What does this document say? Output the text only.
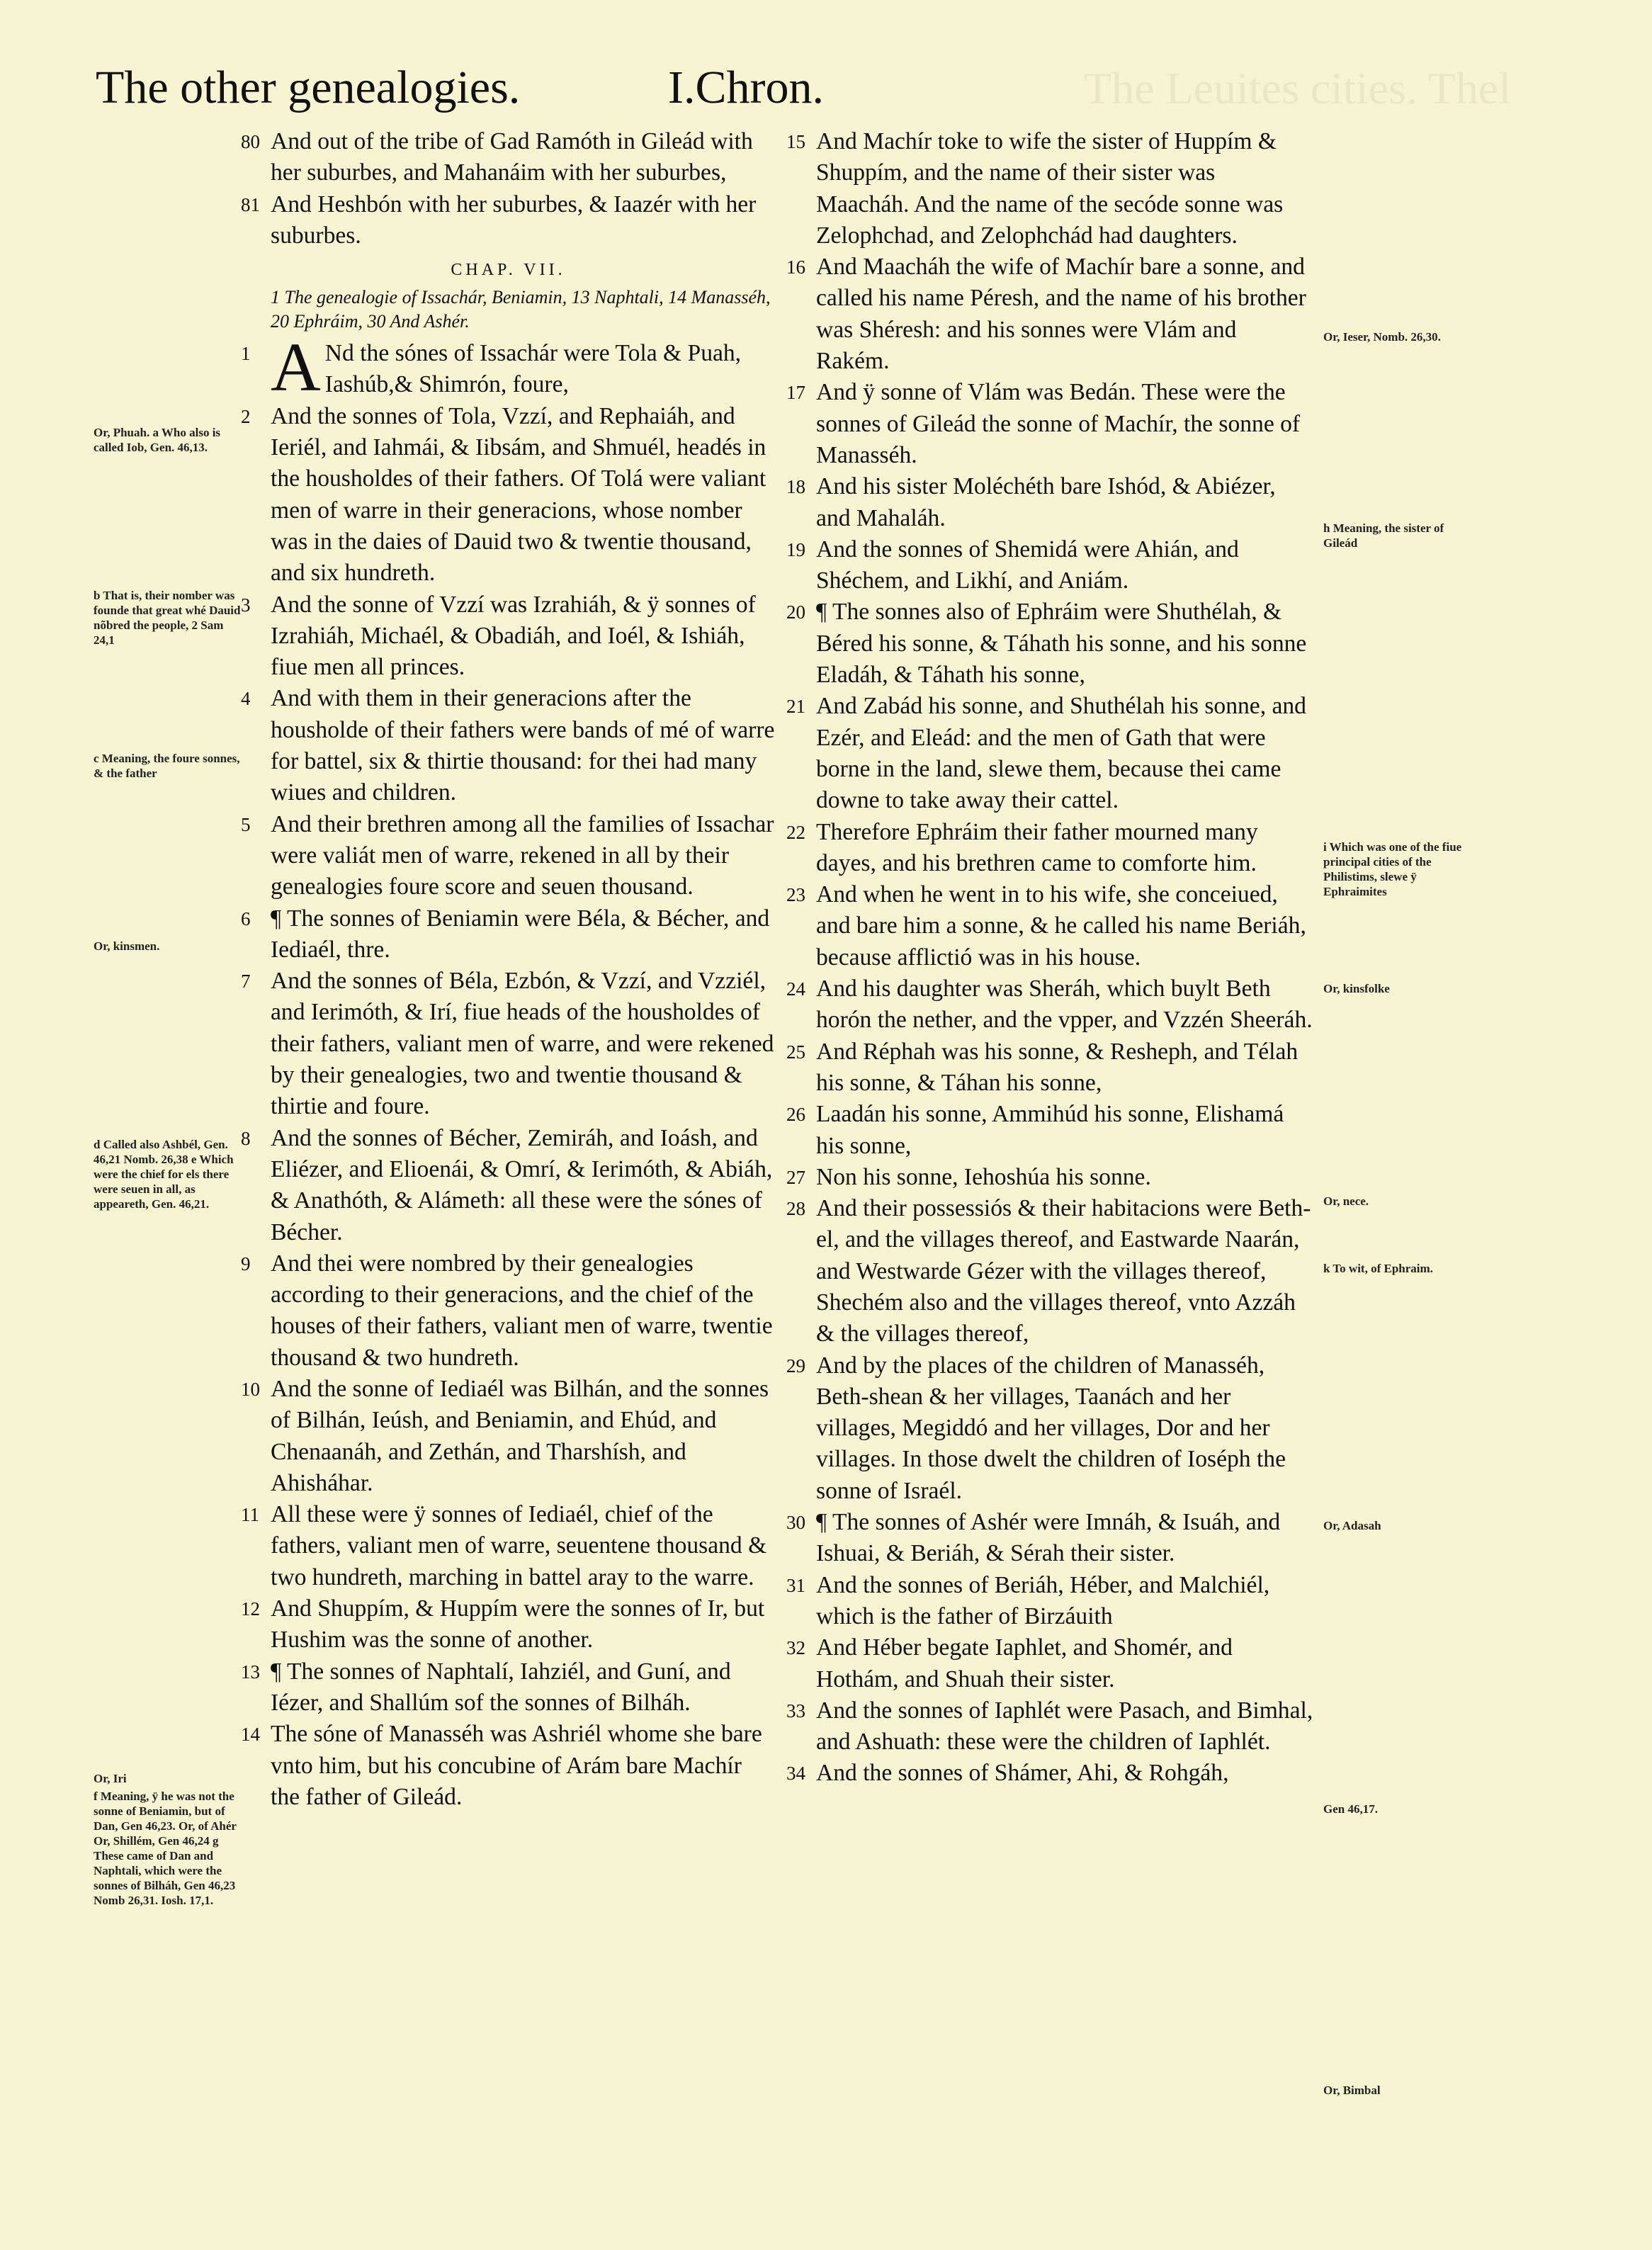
The Leuites cities. Thel
The other genealogies.	I.Chron.
80 And out of the tribe of Gad Ramóth in Gileád with her suburbes, and Mahanáim with her suburbes,
81 And Heshbón with her suburbes, & Iaazér with her suburbes.
CHAP. VII.
1 The genealogie of Issachár, Beniamin, 13 Naphtali, 14 Manasséh, 20 Ephráim, 30 And Ashér.
1 A Nd the sónes of Issachár were Tola & Puah, Iashúb,& Shimrón, foure,
2 And the sonnes of Tola, Vzzí, and Rephaiáh, and Ieriél, and Iahmái, & Iibsám, and Shmuél, headés in the housholdes of their fathers. Of Tolá were valiant men of warre in their generacions, whose nomber was in the daies of Dauid two & twentie thousand, and six hundreth.
3 And the sonne of Vzzí was Izrahiáh, & ÿ sonnes of Izrahiáh, Michaél, & Obadiáh, and Ioél, & Ishiáh, fiue men all princes.
4 And with them in their generacions after the housholde of their fathers were bands of mé of warre for battel, six & thirtie thousand: for thei had many wiues and children.
5 And their brethren among all the families of Issachar were valiát men of warre, rekened in all by their genealogies foure score and seuen thousand.
6 ¶ The sonnes of Beniamin were Béla, & Bécher, and Iediaél, thre.
7 And the sonnes of Béla, Ezbón, & Vzzí, and Vzziél, and Ierimóth, & Irí, fiue heads of the housholdes of their fathers, valiant men of warre, and were rekened by their genealogies, two and twentie thousand & thirtie and foure.
8 And the sonnes of Bécher, Zemiráh, and Ioásh, and Eliézer, and Elioenái, & Omrí, & Ierimóth, & Abiáh, & Anathóth, & Alámeth: all these were the sónes of Bécher.
9 And thei were nombred by their genealogies according to their generacions, and the chief of the houses of their fathers, valiant men of warre, twentie thousand & two hundreth.
10 And the sonne of Iediaél was Bilhán, and the sonnes of Bilhán, Ieúsh, and Beniamin, and Ehúd, and Chenaanáh, and Zethán, and Tharshísh, and Ahisháhar.
11 All these were ÿ sonnes of Iediaél, chief of the fathers, valiant men of warre, seuentene thousand & two hundreth, marching in battel aray to the warre.
12 And Shuppím, & Huppím were the sonnes of Ir, but Hushim was the sonne of another.
13 ¶ The sonnes of Naphtalí, Iahziél, and Guní, and Iézer, and Shallúm sof the sonnes of Bilháh.
14 The sóne of Manasséh was Ashriél whome she bare vnto him, but his concubine of Arám bare Machír the father of Gileád.
15 And Machír toke to wife the sister of Huppím & Shuppím, and the name of their sister was Maacháh. And the name of the secóde sonne was Zelophchad, and Zelophchád had daughters.
16 And Maacháh the wife of Machír bare a sonne, and called his name Péresh, and the name of his brother was Shéresh: and his sonnes were Vlám and Rakém.
17 And ÿ sonne of Vlám was Bedán. These were the sonnes of Gileád the sonne of Machír, the sonne of Manasséh.
18 And his sister Moléchéth bare Ishód, & Abiézer, and Mahaláh.
19 And the sonnes of Shemidá were Ahián, and Shéchem, and Likhí, and Aniám.
20 ¶ The sonnes also of Ephráim were Shuthélah, & Béred his sonne, & Táhath his sonne, and his sonne Eladáh, & Táhath his sonne,
21 And Zabád his sonne, and Shuthélah his sonne, and Ezér, and Eleád: and the men of Gath that were borne in the land, slewe them, because thei came downe to take away their cattel.
22 Therefore Ephráim their father mourned many dayes, and his brethren came to comforte him.
23 And when he went in to his wife, she conceiued, and bare him a sonne, & he called his name Beriáh, because afflictió was in his house.
24 And his daughter was Sheráh, which buylt Beth horón the nether, and the vpper, and Vzzén Sheeráh.
25 And Réphah was his sonne, & Resheph, and Télah his sonne, & Táhan his sonne,
26 Laadán his sonne, Ammihúd his sonne, Elishamá his sonne,
27 Non his sonne, Iehoshúa his sonne.
28 And their possessiós & their habitacions were Beth-el, and the villages thereof, and Eastwarde Naarán, and Westwarde Gézer with the villages thereof, Shechém also and the villages thereof, vnto Azzáh & the villages thereof,
29 And by the places of the children of Manasséh, Beth-shean & her villages, Taanách and her villages, Megiddó and her villages, Dor and her villages. In those dwelt the children of Ioséph the sonne of Israél.
30 ¶ The sonnes of Ashér were Imnáh, & Isuáh, and Ishuai, & Beriáh, & Sérah their sister.
31 And the sonnes of Beriáh, Héber, and Malchiél, which is the father of Birzáuith
32 And Héber begate Iaphlet, and Shomér, and Hothám, and Shuah their sister.
33 And the sonnes of Iaphlét were Pasach, and Bimhal, and Ashuath: these were the children of Iaphlét.
34 And the sonnes of Shámer, Ahi, & Rohgáh,
Or, Phuah. a Who also is called Iob, Gen. 46,13.
b That is, their nomber was founde that great whé Dauid nõbred the people, 2 Sam 24,1
c Meaning, the foure sonnes, & the father
Or, kinsmen.
d Called also Ashbél, Gen. 46,21 Nomb. 26,38 e Which were the chief for els there were seuen in all, as appeareth, Gen. 46,21.
Or, Iri
f Meaning, ÿ he was not the sonne of Beniamin, but of Dan, Gen 46,23. Or, of Ahér Or, Shillém, Gen 46,24 g These came of Dan and Naphtali, which were the sonnes of Bilháh, Gen 46,23 Nomb 26,31. Iosh. 17,1.
Or, Ieser, Nomb. 26,30.
h Meaning, the sister of Gileád
i Which was one of the fiue principal cities of the Philistims, slewe ÿ Ephraimites
Or, kinsfolke
Or, nece.
k To wit, of Ephraim.
Or, Adasah
Gen 46,17.
Or, Bimbal
